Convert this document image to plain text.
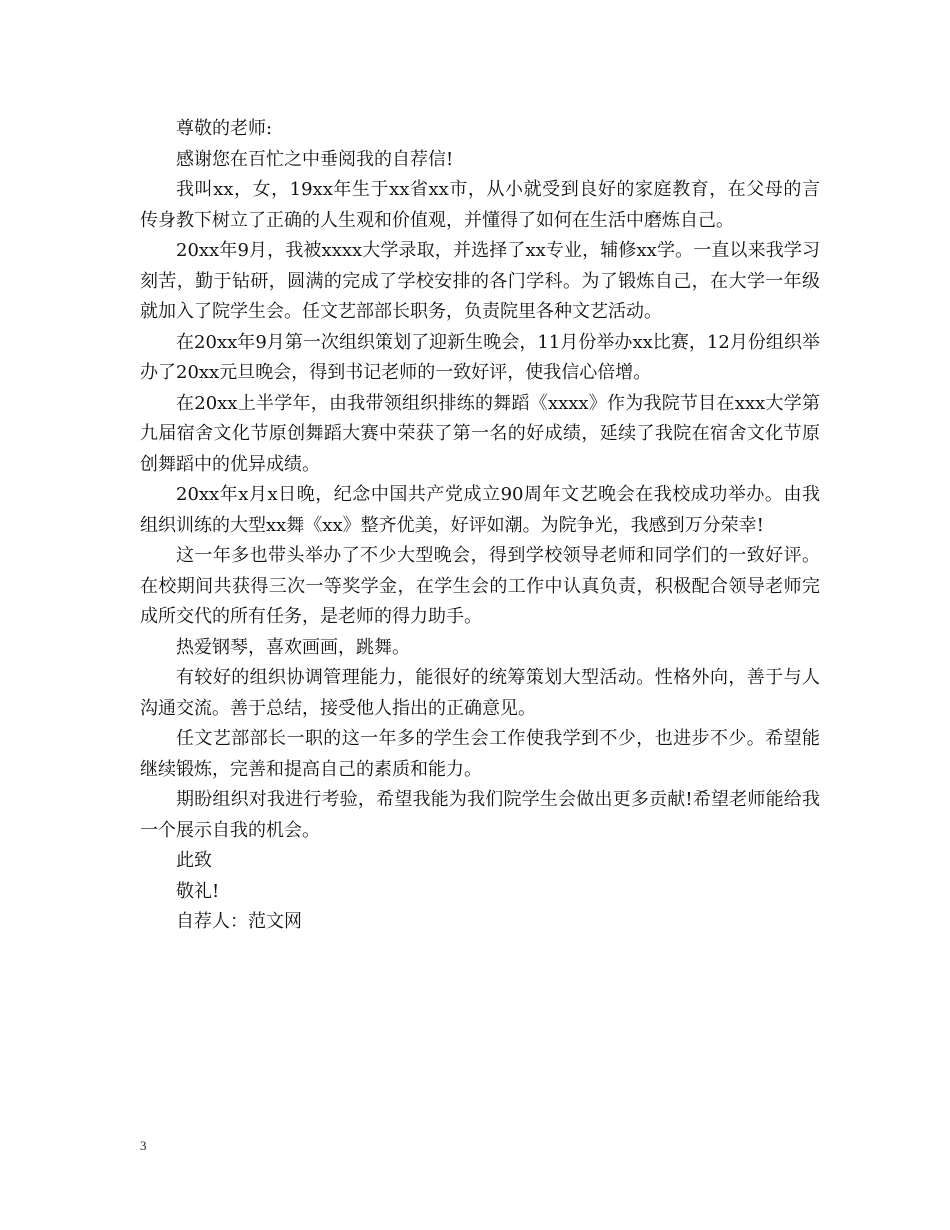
尊敬的老师:

感谢您在百忙之中垂阅我的自荐信!

我叫xx，女，19xx年生于xx省xx市，从小就受到良好的家庭教育，在父母的言传身教下树立了正确的人生观和价值观，并懂得了如何在生活中磨炼自己。

20xx年9月，我被xxxx大学录取，并选择了xx专业，辅修xx学。一直以来我学习刻苦，勤于钻研，圆满的完成了学校安排的各门学科。为了锻炼自己，在大学一年级就加入了院学生会。任文艺部部长职务，负责院里各种文艺活动。

在20xx年9月第一次组织策划了迎新生晚会，11月份举办xx比赛，12月份组织举办了20xx元旦晚会，得到书记老师的一致好评，使我信心倍增。

在20xx上半学年，由我带领组织排练的舞蹈《xxxx》作为我院节目在xxx大学第九届宿舍文化节原创舞蹈大赛中荣获了第一名的好成绩，延续了我院在宿舍文化节原创舞蹈中的优异成绩。

20xx年x月x日晚，纪念中国共产党成立90周年文艺晚会在我校成功举办。由我组织训练的大型xx舞《xx》整齐优美，好评如潮。为院争光，我感到万分荣幸!

这一年多也带头举办了不少大型晚会，得到学校领导老师和同学们的一致好评。在校期间共获得三次一等奖学金，在学生会的工作中认真负责，积极配合领导老师完成所交代的所有任务，是老师的得力助手。

热爱钢琴，喜欢画画，跳舞。

有较好的组织协调管理能力，能很好的统筹策划大型活动。性格外向，善于与人沟通交流。善于总结，接受他人指出的正确意见。

任文艺部部长一职的这一年多的学生会工作使我学到不少，也进步不少。希望能继续锻炼，完善和提高自己的素质和能力。

期盼组织对我进行考验，希望我能为我们院学生会做出更多贡献!希望老师能给我一个展示自我的机会。

此致

敬礼!

自荐人：范文网

3
